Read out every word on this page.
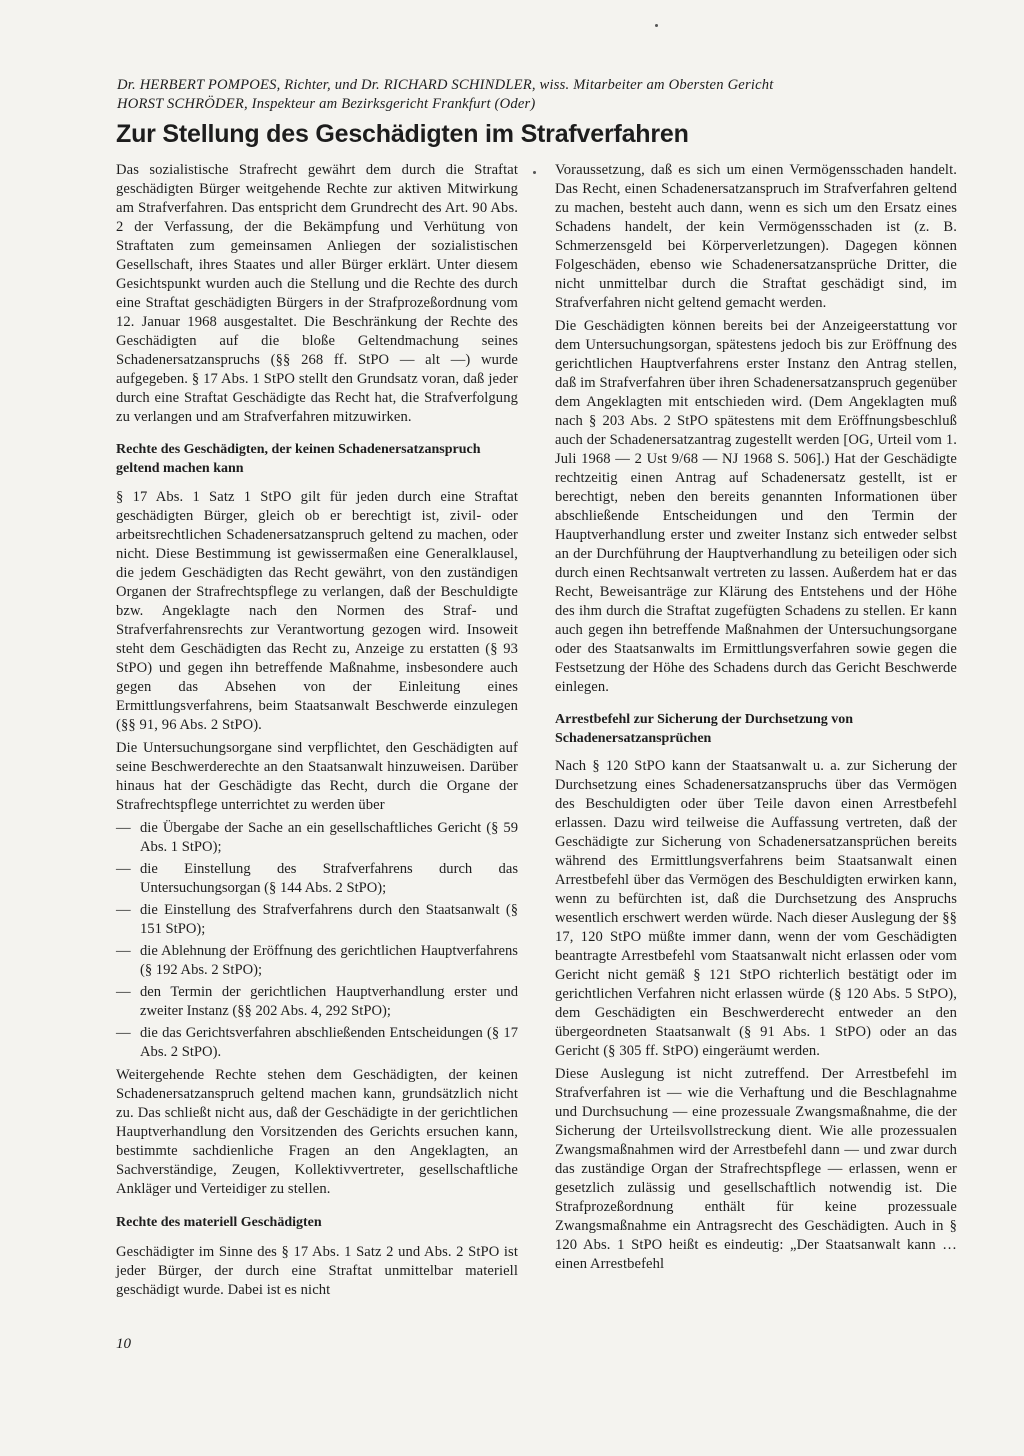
Dr. HERBERT POMPOES, Richter, und Dr. RICHARD SCHINDLER, wiss. Mitarbeiter am Obersten Gericht
HORST SCHRÖDER, Inspekteur am Bezirksgericht Frankfurt (Oder)
Zur Stellung des Geschädigten im Strafverfahren

Das sozialistische Strafrecht gewährt dem durch die Straftat geschädigten Bürger weitgehende Rechte zur aktiven Mitwirkung am Strafverfahren. Das entspricht dem Grundrecht des Art. 90 Abs. 2 der Verfassung, der die Bekämpfung und Verhütung von Straftaten zum gemeinsamen Anliegen der sozialistischen Gesellschaft, ihres Staates und aller Bürger erklärt. Unter diesem Gesichtspunkt wurden auch die Stellung und die Rechte des durch eine Straftat geschädigten Bürgers in der Strafprozeßordnung vom 12. Januar 1968 ausgestaltet. Die Beschränkung der Rechte des Geschädigten auf die bloße Geltendmachung seines Schadenersatzanspruchs (§§ 268 ff. StPO — alt —) wurde aufgegeben. § 17 Abs. 1 StPO stellt den Grundsatz voran, daß jeder durch eine Straftat Geschädigte das Recht hat, die Strafverfolgung zu verlangen und am Strafverfahren mitzuwirken.

Rechte des Geschädigten, der keinen Schadenersatzanspruch geltend machen kann

§ 17 Abs. 1 Satz 1 StPO gilt für jeden durch eine Straftat geschädigten Bürger, gleich ob er berechtigt ist, zivil- oder arbeitsrechtlichen Schadenersatzanspruch geltend zu machen, oder nicht. Diese Bestimmung ist gewissermaßen eine Generalklausel, die jedem Geschädigten das Recht gewährt, von den zuständigen Organen der Strafrechtspflege zu verlangen, daß der Beschuldigte bzw. Angeklagte nach den Normen des Straf- und Strafverfahrensrechts zur Verantwortung gezogen wird. Insoweit steht dem Geschädigten das Recht zu, Anzeige zu erstatten (§ 93 StPO) und gegen ihn betreffende Maßnahme, insbesondere auch gegen das Absehen von der Einleitung eines Ermittlungsverfahrens, beim Staatsanwalt Beschwerde einzulegen (§§ 91, 96 Abs. 2 StPO).

Die Untersuchungsorgane sind verpflichtet, den Geschädigten auf seine Beschwerderechte an den Staatsanwalt hinzuweisen. Darüber hinaus hat der Geschädigte das Recht, durch die Organe der Strafrechtspflege unterrichtet zu werden über

— die Übergabe der Sache an ein gesellschaftliches Gericht (§ 59 Abs. 1 StPO);
— die Einstellung des Strafverfahrens durch das Untersuchungsorgan (§ 144 Abs. 2 StPO);
— die Einstellung des Strafverfahrens durch den Staatsanwalt (§ 151 StPO);
— die Ablehnung der Eröffnung des gerichtlichen Hauptverfahrens (§ 192 Abs. 2 StPO);
— den Termin der gerichtlichen Hauptverhandlung erster und zweiter Instanz (§§ 202 Abs. 4, 292 StPO);
— die das Gerichtsverfahren abschließenden Entscheidungen (§ 17 Abs. 2 StPO).

Weitergehende Rechte stehen dem Geschädigten, der keinen Schadenersatzanspruch geltend machen kann, grundsätzlich nicht zu. Das schließt nicht aus, daß der Geschädigte in der gerichtlichen Hauptverhandlung den Vorsitzenden des Gerichts ersuchen kann, bestimmte sachdienliche Fragen an den Angeklagten, an Sachverständige, Zeugen, Kollektivvertreter, gesellschaftliche Ankläger und Verteidiger zu stellen.

Rechte des materiell Geschädigten

Geschädigter im Sinne des § 17 Abs. 1 Satz 2 und Abs. 2 StPO ist jeder Bürger, der durch eine Straftat unmittelbar materiell geschädigt wurde. Dabei ist es nicht

Voraussetzung, daß es sich um einen Vermögensschaden handelt. Das Recht, einen Schadenersatzanspruch im Strafverfahren geltend zu machen, besteht auch dann, wenn es sich um den Ersatz eines Schadens handelt, der kein Vermögensschaden ist (z. B. Schmerzensgeld bei Körperverletzungen). Dagegen können Folgeschäden, ebenso wie Schadenersatzansprüche Dritter, die nicht unmittelbar durch die Straftat geschädigt sind, im Strafverfahren nicht geltend gemacht werden.

Die Geschädigten können bereits bei der Anzeigeerstattung vor dem Untersuchungsorgan, spätestens jedoch bis zur Eröffnung des gerichtlichen Hauptverfahrens erster Instanz den Antrag stellen, daß im Strafverfahren über ihren Schadenersatzanspruch gegenüber dem Angeklagten mit entschieden wird. (Dem Angeklagten muß nach § 203 Abs. 2 StPO spätestens mit dem Eröffnungsbeschluß auch der Schadenersatzantrag zugestellt werden [OG, Urteil vom 1. Juli 1968 — 2 Ust 9/68 — NJ 1968 S. 506].) Hat der Geschädigte rechtzeitig einen Antrag auf Schadenersatz gestellt, ist er berechtigt, neben den bereits genannten Informationen über abschließende Entscheidungen und den Termin der Hauptverhandlung erster und zweiter Instanz sich entweder selbst an der Durchführung der Hauptverhandlung zu beteiligen oder sich durch einen Rechtsanwalt vertreten zu lassen. Außerdem hat er das Recht, Beweisanträge zur Klärung des Entstehens und der Höhe des ihm durch die Straftat zugefügten Schadens zu stellen. Er kann auch gegen ihn betreffende Maßnahmen der Untersuchungsorgane oder des Staatsanwalts im Ermittlungsverfahren sowie gegen die Festsetzung der Höhe des Schadens durch das Gericht Beschwerde einlegen.

Arrestbefehl zur Sicherung der Durchsetzung von Schadenersatzansprüchen

Nach § 120 StPO kann der Staatsanwalt u. a. zur Sicherung der Durchsetzung eines Schadenersatzanspruchs über das Vermögen des Beschuldigten oder über Teile davon einen Arrestbefehl erlassen. Dazu wird teilweise die Auffassung vertreten, daß der Geschädigte zur Sicherung von Schadenersatzansprüchen bereits während des Ermittlungsverfahrens beim Staatsanwalt einen Arrestbefehl über das Vermögen des Beschuldigten erwirken kann, wenn zu befürchten ist, daß die Durchsetzung des Anspruchs wesentlich erschwert werden würde. Nach dieser Auslegung der §§ 17, 120 StPO müßte immer dann, wenn der vom Geschädigten beantragte Arrestbefehl vom Staatsanwalt nicht erlassen oder vom Gericht nicht gemäß § 121 StPO richterlich bestätigt oder im gerichtlichen Verfahren nicht erlassen würde (§ 120 Abs. 5 StPO), dem Geschädigten ein Beschwerderecht entweder an den übergeordneten Staatsanwalt (§ 91 Abs. 1 StPO) oder an das Gericht (§ 305 ff. StPO) eingeräumt werden.

Diese Auslegung ist nicht zutreffend. Der Arrestbefehl im Strafverfahren ist — wie die Verhaftung und die Beschlagnahme und Durchsuchung — eine prozessuale Zwangsmaßnahme, die der Sicherung der Urteilsvollstreckung dient. Wie alle prozessualen Zwangsmaßnahmen wird der Arrestbefehl dann — und zwar durch das zuständige Organ der Strafrechtspflege — erlassen, wenn er gesetzlich zulässig und gesellschaftlich notwendig ist. Die Strafprozeßordnung enthält für keine prozessuale Zwangsmaßnahme ein Antragsrecht des Geschädigten. Auch in § 120 Abs. 1 StPO heißt es eindeutig: „Der Staatsanwalt kann … einen Arrestbefehl

10
